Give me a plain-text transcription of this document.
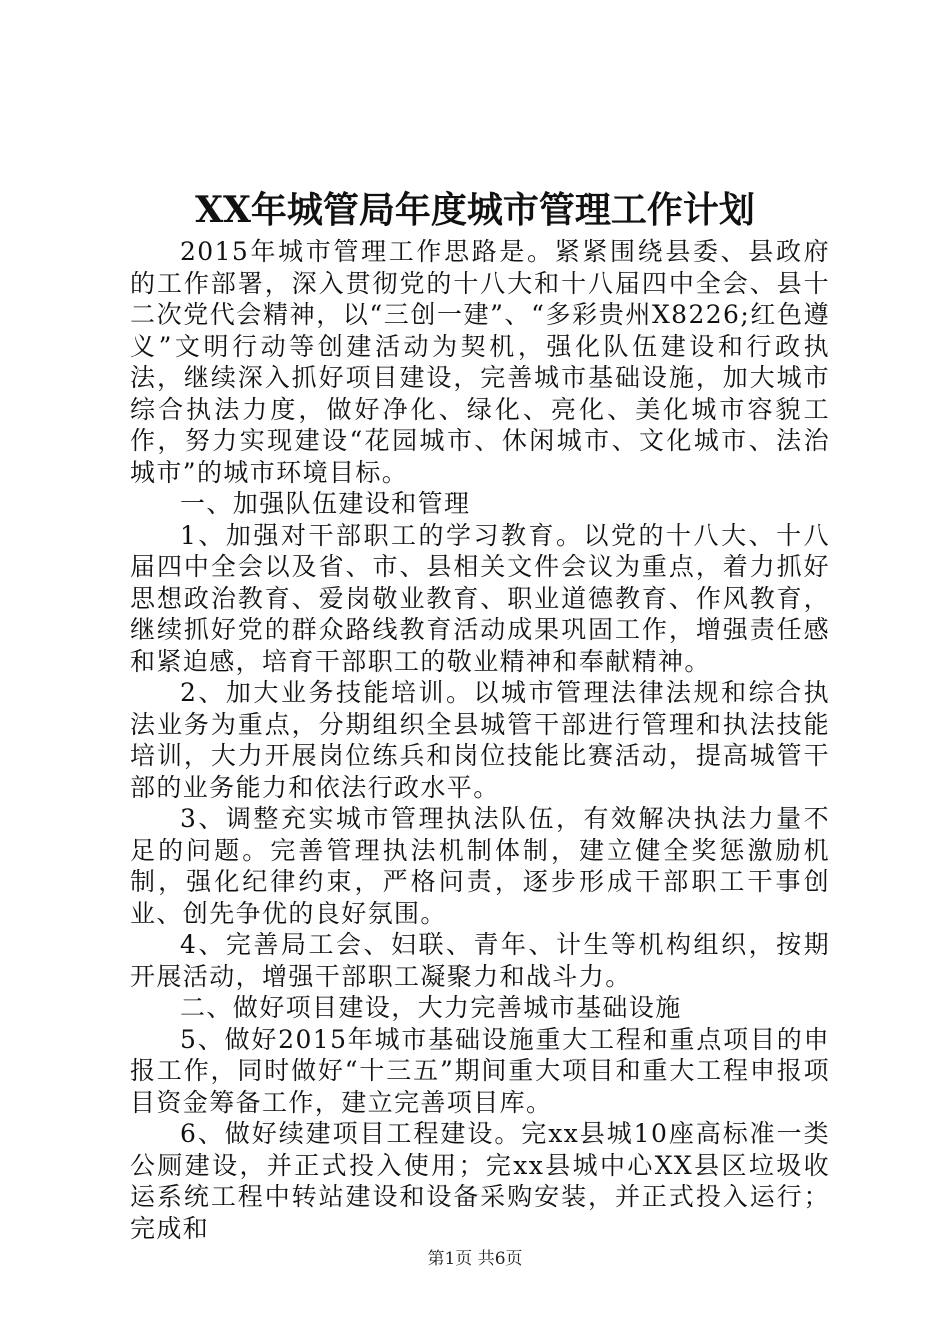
XX年城管局年度城市管理工作计划

2015年城市管理工作思路是。紧紧围绕县委、县政府的工作部署，深入贯彻党的十八大和十八届四中全会、县十二次党代会精神，以“三创一建”、“多彩贵州X8226;红色遵义”文明行动等创建活动为契机，强化队伍建设和行政执法，继续深入抓好项目建设，完善城市基础设施，加大城市综合执法力度，做好净化、绿化、亮化、美化城市容貌工作，努力实现建设“花园城市、休闲城市、文化城市、法治城市”的城市环境目标。

一、加强队伍建设和管理

1、加强对干部职工的学习教育。以党的十八大、十八届四中全会以及省、市、县相关文件会议为重点，着力抓好思想政治教育、爱岗敬业教育、职业道德教育、作风教育，继续抓好党的群众路线教育活动成果巩固工作，增强责任感和紧迫感，培育干部职工的敬业精神和奉献精神。

2、加大业务技能培训。以城市管理法律法规和综合执法业务为重点，分期组织全县城管干部进行管理和执法技能培训，大力开展岗位练兵和岗位技能比赛活动，提高城管干部的业务能力和依法行政水平。

3、调整充实城市管理执法队伍，有效解决执法力量不足的问题。完善管理执法机制体制，建立健全奖惩激励机制，强化纪律约束，严格问责，逐步形成干部职工干事创业、创先争优的良好氛围。

4、完善局工会、妇联、青年、计生等机构组织，按期开展活动，增强干部职工凝聚力和战斗力。

二、做好项目建设，大力完善城市基础设施

5、做好2015年城市基础设施重大工程和重点项目的申报工作，同时做好“十三五”期间重大项目和重大工程申报项目资金筹备工作，建立完善项目库。

6、做好续建项目工程建设。完xx县城10座高标准一类公厕建设，并正式投入使用；完xx县城中心XX县区垃圾收运系统工程中转站建设和设备采购安装，并正式投入运行；完成和

第1页 共6页
